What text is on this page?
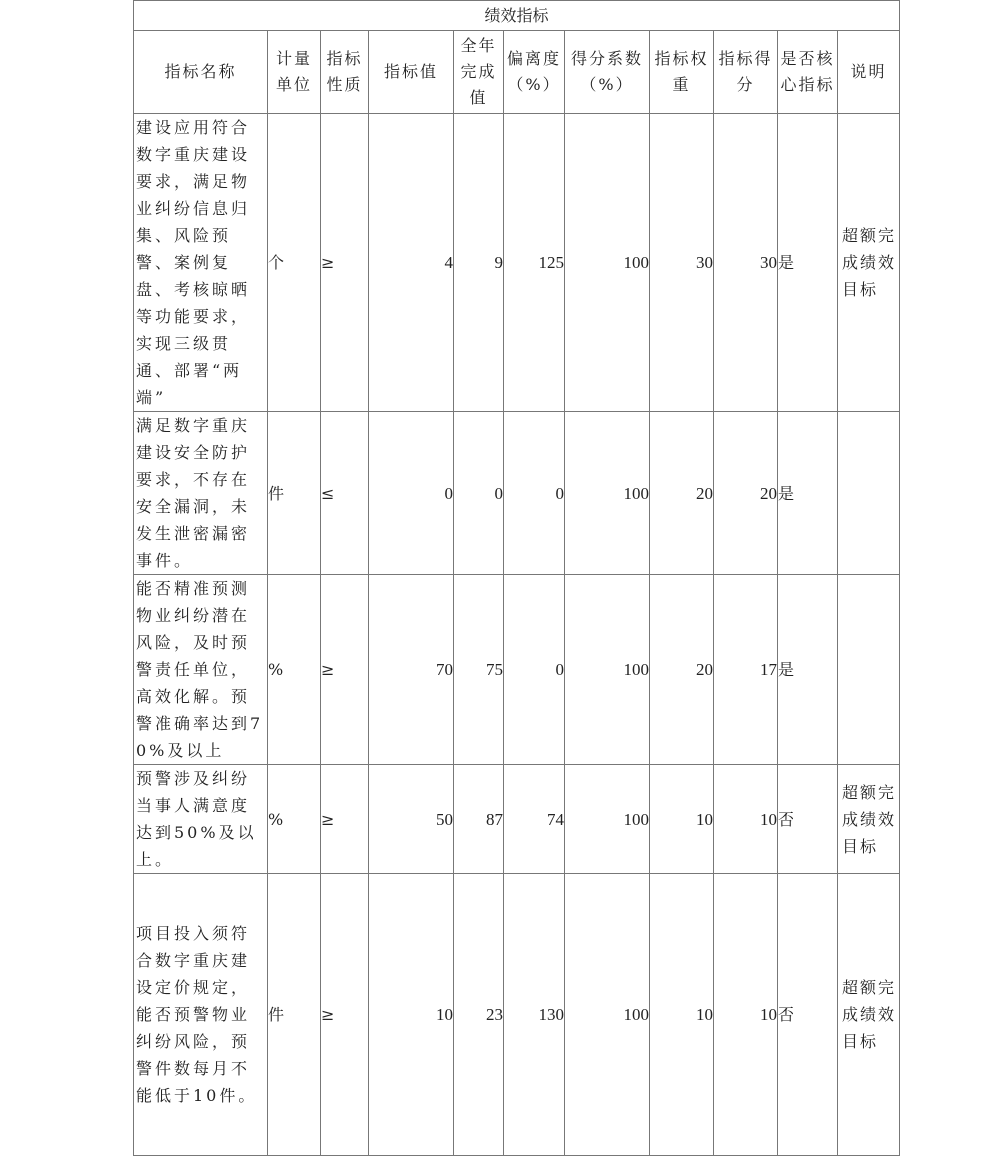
绩效指标										
指标名称	计量单位	指标性质	指标值	全年完成值	偏离度（%）	得分系数（%）	指标权重	指标得分	是否核心指标	说明
建设应用符合数字重庆建设要求，满足物业纠纷信息归集、风险预警、案例复盘、考核晾晒等功能要求，实现三级贯通、部署“两端”	个	≥	4	9	125	100	30	30	是	超额完成绩效目标
满足数字重庆建设安全防护要求，不存在安全漏洞，未发生泄密漏密事件。	件	≤	0	0	0	100	20	20	是	
能否精准预测物业纠纷潜在风险，及时预警责任单位，高效化解。预警准确率达到70%及以上	%	≥	70	75	0	100	20	17	是	
预警涉及纠纷当事人满意度达到50%及以上。	%	≥	50	87	74	100	10	10	否	超额完成绩效目标
项目投入须符合数字重庆建设定价规定，能否预警物业纠纷风险，预警件数每月不能低于10件。	件	≥	10	23	130	100	10	10	否	超额完成绩效目标
